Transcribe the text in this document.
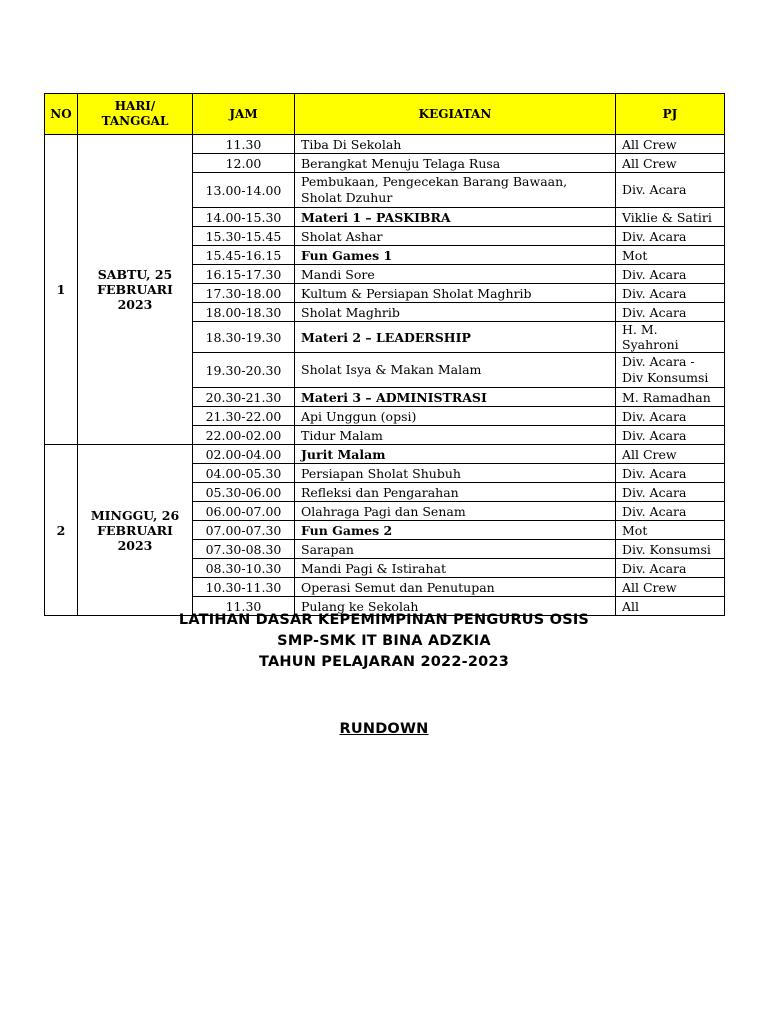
NO	HARI/ TANGGAL	JAM	KEGIATAN	PJ
1	SABTU, 25 FEBRUARI 2023	11.30	Tiba Di Sekolah	All Crew
		12.00	Berangkat Menuju Telaga Rusa	All Crew
		13.00-14.00	Pembukaan, Pengecekan Barang Bawaan, Sholat Dzuhur	Div. Acara
		14.00-15.30	Materi 1 – PASKIBRA	Viklie & Satiri
		15.30-15.45	Sholat Ashar	Div. Acara
		15.45-16.15	Fun Games 1	Mot
		16.15-17.30	Mandi Sore	Div. Acara
		17.30-18.00	Kultum & Persiapan Sholat Maghrib	Div. Acara
		18.00-18.30	Sholat Maghrib	Div. Acara
		18.30-19.30	Materi 2 – LEADERSHIP	H. M. Syahroni
		19.30-20.30	Sholat Isya & Makan Malam	Div. Acara - Div Konsumsi
		20.30-21.30	Materi 3 – ADMINISTRASI	M. Ramadhan
		21.30-22.00	Api Unggun (opsi)	Div. Acara
		22.00-02.00	Tidur Malam	Div. Acara
2	MINGGU, 26 FEBRUARI 2023	02.00-04.00	Jurit Malam	All Crew
		04.00-05.30	Persiapan Sholat Shubuh	Div. Acara
		05.30-06.00	Refleksi dan Pengarahan	Div. Acara
		06.00-07.00	Olahraga Pagi dan Senam	Div. Acara
		07.00-07.30	Fun Games 2	Mot
		07.30-08.30	Sarapan	Div. Konsumsi
		08.30-10.30	Mandi Pagi & Istirahat	Div. Acara
		10.30-11.30	Operasi Semut dan Penutupan	All Crew
		11.30	Pulang ke Sekolah	All
LATIHAN DASAR KEPEMIMPINAN PENGURUS OSIS
SMP-SMK IT BINA ADZKIA
TAHUN PELAJARAN 2022-2023
RUNDOWN
